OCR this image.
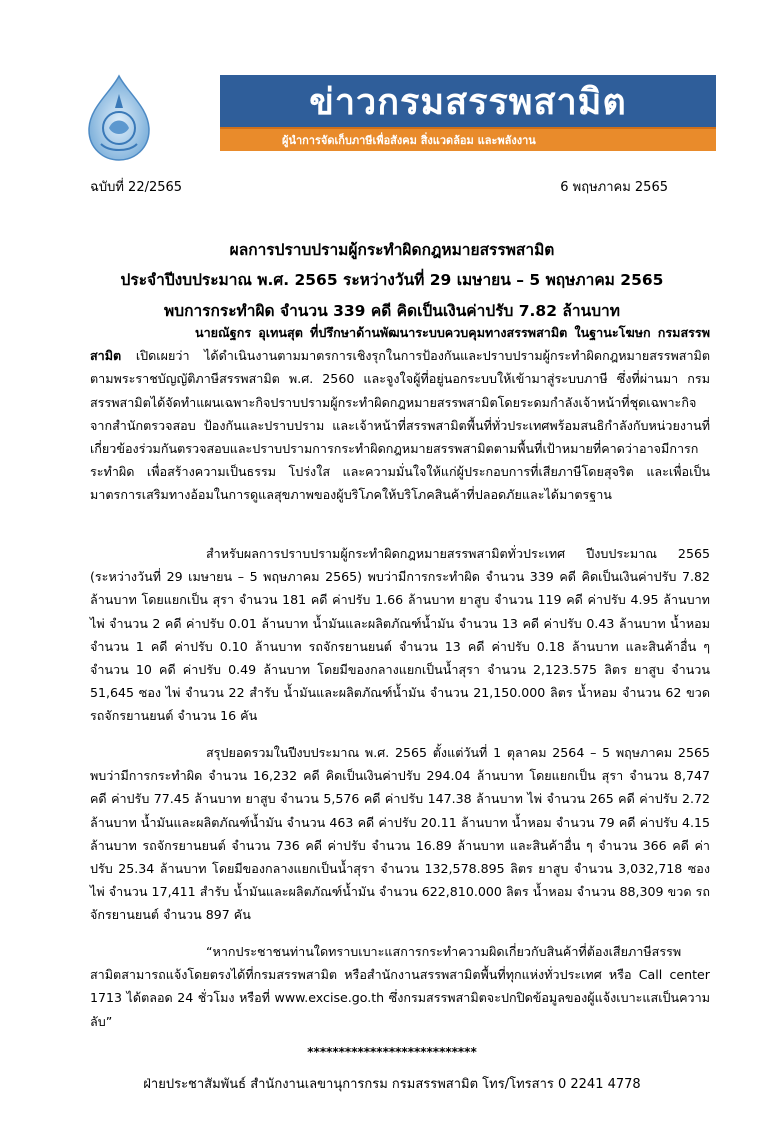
ข่าวกรมสรรพสามิต
ผู้นำการจัดเก็บภาษีเพื่อสังคม สิ่งแวดล้อม และพลังงาน
ฉบับที่ 22/2565	6 พฤษภาคม 2565
ผลการปราบปรามผู้กระทำผิดกฎหมายสรรพสามิต
ประจำปีงบประมาณ พ.ศ. 2565 ระหว่างวันที่ 29 เมษายน – 5 พฤษภาคม 2565
พบการกระทำผิด จำนวน 339 คดี คิดเป็นเงินค่าปรับ 7.82 ล้านบาท
นายณัฐกร อุเทนสุต ที่ปรึกษาด้านพัฒนาระบบควบคุมทางสรรพสามิต ในฐานะโฆษก กรมสรรพสามิต เปิดเผยว่า ได้ดำเนินงานตามมาตรการเชิงรุกในการป้องกันและปราบปรามผู้กระทำผิดกฎหมายสรรพสามิตตามพระราชบัญญัติภาษีสรรพสามิต พ.ศ. 2560 และจูงใจผู้ที่อยู่นอกระบบให้เข้ามาสู่ระบบภาษี ซึ่งที่ผ่านมา กรมสรรพสามิตได้จัดทำแผนเฉพาะกิจปราบปรามผู้กระทำผิดกฎหมายสรรพสามิตโดยระดมกำลังเจ้าหน้าที่ชุดเฉพาะกิจจากสำนักตรวจสอบ ป้องกันและปราบปราม และเจ้าหน้าที่สรรพสามิตพื้นที่ทั่วประเทศพร้อมสนธิกำลังกับหน่วยงานที่เกี่ยวข้องร่วมกันตรวจสอบและปราบปรามการกระทำผิดกฎหมายสรรพสามิตตามพื้นที่เป้าหมายที่คาดว่าอาจมีการกระทำผิด เพื่อสร้างความเป็นธรรม โปร่งใส และความมั่นใจให้แก่ผู้ประกอบการที่เสียภาษีโดยสุจริต และเพื่อเป็นมาตรการเสริมทางอ้อมในการดูแลสุขภาพของผู้บริโภคให้บริโภคสินค้าที่ปลอดภัยและได้มาตรฐาน
สำหรับผลการปราบปรามผู้กระทำผิดกฎหมายสรรพสามิตทั่วประเทศ ปีงบประมาณ 2565 (ระหว่างวันที่ 29 เมษายน – 5 พฤษภาคม 2565) พบว่ามีการกระทำผิด จำนวน 339 คดี คิดเป็นเงินค่าปรับ 7.82 ล้านบาท โดยแยกเป็น สุรา จำนวน 181 คดี ค่าปรับ 1.66 ล้านบาท ยาสูบ จำนวน 119 คดี ค่าปรับ 4.95 ล้านบาท ไพ่ จำนวน 2 คดี ค่าปรับ 0.01 ล้านบาท น้ำมันและผลิตภัณฑ์น้ำมัน จำนวน 13 คดี ค่าปรับ 0.43 ล้านบาท น้ำหอม จำนวน 1 คดี ค่าปรับ 0.10 ล้านบาท รถจักรยานยนต์ จำนวน 13 คดี ค่าปรับ 0.18 ล้านบาท และสินค้าอื่น ๆ จำนวน 10 คดี ค่าปรับ 0.49 ล้านบาท โดยมีของกลางแยกเป็นน้ำสุรา จำนวน 2,123.575 ลิตร ยาสูบ จำนวน 51,645 ซอง ไพ่ จำนวน 22 สำรับ น้ำมันและผลิตภัณฑ์น้ำมัน จำนวน 21,150.000 ลิตร น้ำหอม จำนวน 62 ขวด รถจักรยานยนต์ จำนวน 16 คัน
สรุปยอดรวมในปีงบประมาณ พ.ศ. 2565 ตั้งแต่วันที่ 1 ตุลาคม 2564 – 5 พฤษภาคม 2565 พบว่ามีการกระทำผิด จำนวน 16,232 คดี คิดเป็นเงินค่าปรับ 294.04 ล้านบาท โดยแยกเป็น สุรา จำนวน 8,747 คดี ค่าปรับ 77.45 ล้านบาท ยาสูบ จำนวน 5,576 คดี ค่าปรับ 147.38 ล้านบาท ไพ่ จำนวน 265 คดี ค่าปรับ 2.72 ล้านบาท น้ำมันและผลิตภัณฑ์น้ำมัน จำนวน 463 คดี ค่าปรับ 20.11 ล้านบาท น้ำหอม จำนวน 79 คดี ค่าปรับ 4.15 ล้านบาท รถจักรยานยนต์ จำนวน 736 คดี ค่าปรับ จำนวน 16.89 ล้านบาท และสินค้าอื่น ๆ จำนวน 366 คดี ค่าปรับ 25.34 ล้านบาท โดยมีของกลางแยกเป็นน้ำสุรา จำนวน 132,578.895 ลิตร ยาสูบ จำนวน 3,032,718 ซอง ไพ่ จำนวน 17,411 สำรับ น้ำมันและผลิตภัณฑ์น้ำมัน จำนวน 622,810.000 ลิตร น้ำหอม จำนวน 88,309 ขวด รถจักรยานยนต์ จำนวน 897 คัน
“หากประชาชนท่านใดทราบเบาะแสการกระทำความผิดเกี่ยวกับสินค้าที่ต้องเสียภาษีสรรพสามิตสามารถแจ้งโดยตรงได้ที่กรมสรรพสามิต หรือสำนักงานสรรพสามิตพื้นที่ทุกแห่งทั่วประเทศ หรือ Call center 1713 ได้ตลอด 24 ชั่วโมง หรือที่ www.excise.go.th ซึ่งกรมสรรพสามิตจะปกปิดข้อมูลของผู้แจ้งเบาะแสเป็นความลับ”
***************************
ฝ่ายประชาสัมพันธ์ สำนักงานเลขานุการกรม กรมสรรพสามิต โทร/โทรสาร 0 2241 4778
